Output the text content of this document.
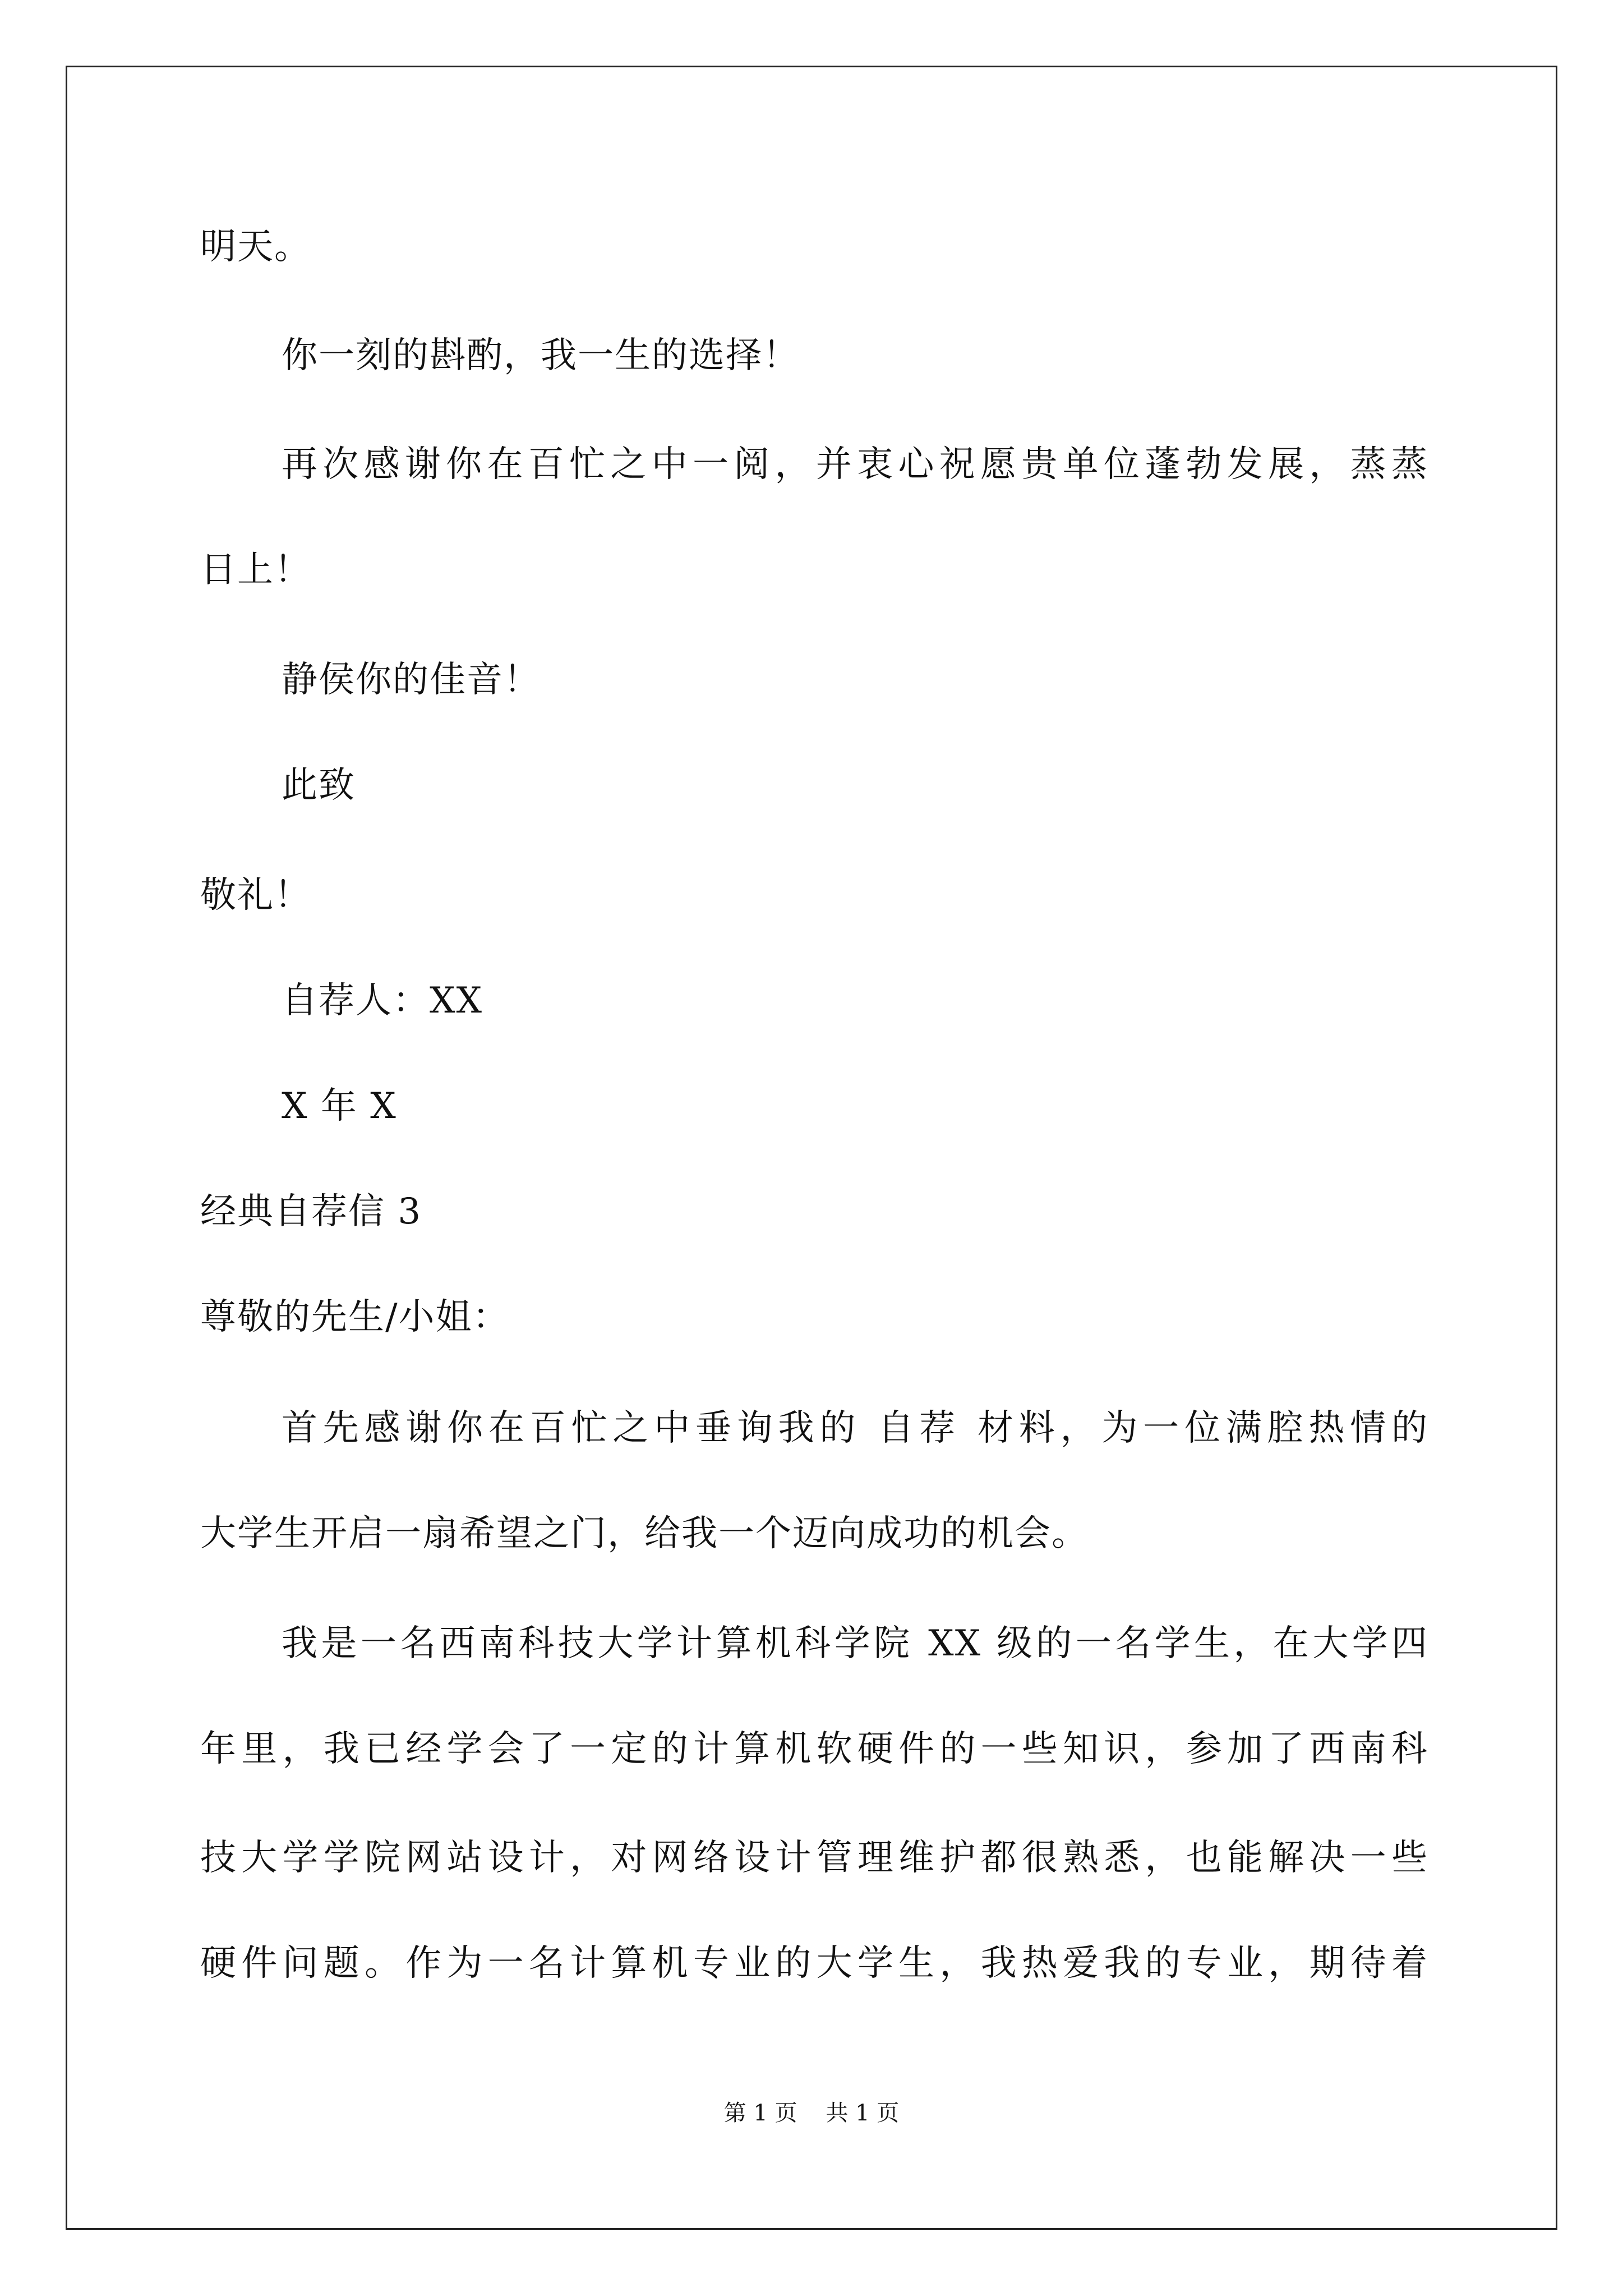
明天。
你一刻的斟酌，我一生的选择！
再次感谢你在百忙之中一阅，并衷心祝愿贵单位蓬勃发展，蒸蒸
日上！
静侯你的佳音！
此致
敬礼！
自荐人：XX
X 年 X
经典自荐信 3
尊敬的先生/小姐：
首先感谢你在百忙之中垂询我的 自荐 材料，为一位满腔热情的
大学生开启一扇希望之门，给我一个迈向成功的机会。
我是一名西南科技大学计算机科学院 XX 级的一名学生，在大学四
年里，我已经学会了一定的计算机软硬件的一些知识，参加了西南科
技大学学院网站设计，对网络设计管理维护都很熟悉，也能解决一些
硬件问题。作为一名计算机专业的大学生，我热爱我的专业，期待着
第 1 页    共 1 页
